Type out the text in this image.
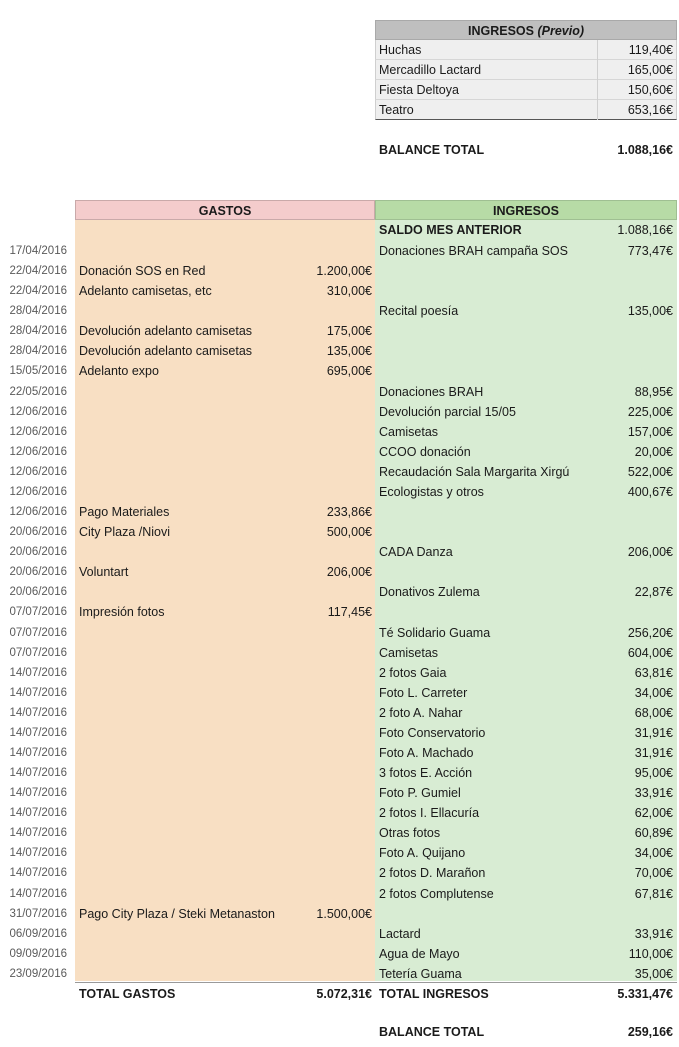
INGRESOS (Previo)
Huchas	119,40€
Mercadillo Lactard	165,00€
Fiesta Deltoya	150,60€
Teatro	653,16€
BALANCE TOTAL	1.088,16€
GASTOS	INGRESOS
SALDO MES ANTERIOR	1.088,16€
17/04/2016	Donaciones BRAH campaña SOS	773,47€
22/04/2016 Donación SOS en Red	1.200,00€
22/04/2016 Adelanto camisetas, etc	310,00€
28/04/2016	Recital poesía	135,00€
28/04/2016 Devolución adelanto camisetas	175,00€
28/04/2016 Devolución adelanto camisetas	135,00€
15/05/2016 Adelanto expo	695,00€
22/05/2016	Donaciones BRAH	88,95€
12/06/2016	Devolución parcial 15/05	225,00€
12/06/2016	Camisetas	157,00€
12/06/2016	CCOO donación	20,00€
12/06/2016	Recaudación Sala Margarita Xirgú	522,00€
12/06/2016	Ecologistas y otros	400,67€
12/06/2016 Pago Materiales	233,86€
20/06/2016 City Plaza /Niovi	500,00€
20/06/2016	CADA Danza	206,00€
20/06/2016 Voluntart	206,00€
20/06/2016	Donativos Zulema	22,87€
07/07/2016 Impresión fotos	117,45€
07/07/2016	Té Solidario Guama	256,20€
07/07/2016	Camisetas	604,00€
14/07/2016	2 fotos Gaia	63,81€
14/07/2016	Foto L. Carreter	34,00€
14/07/2016	2 foto A. Nahar	68,00€
14/07/2016	Foto Conservatorio	31,91€
14/07/2016	Foto A. Machado	31,91€
14/07/2016	3 fotos E. Acción	95,00€
14/07/2016	Foto P. Gumiel	33,91€
14/07/2016	2 fotos I. Ellacuría	62,00€
14/07/2016	Otras fotos	60,89€
14/07/2016	Foto A. Quijano	34,00€
14/07/2016	2 fotos D. Marañon	70,00€
14/07/2016	2 fotos Complutense	67,81€
31/07/2016 Pago City Plaza / Steki Metanaston	1.500,00€
06/09/2016	Lactard	33,91€
09/09/2016	Agua de Mayo	110,00€
23/09/2016	Tetería Guama	35,00€
TOTAL GASTOS	5.072,31€ TOTAL INGRESOS	5.331,47€
BALANCE TOTAL	259,16€
